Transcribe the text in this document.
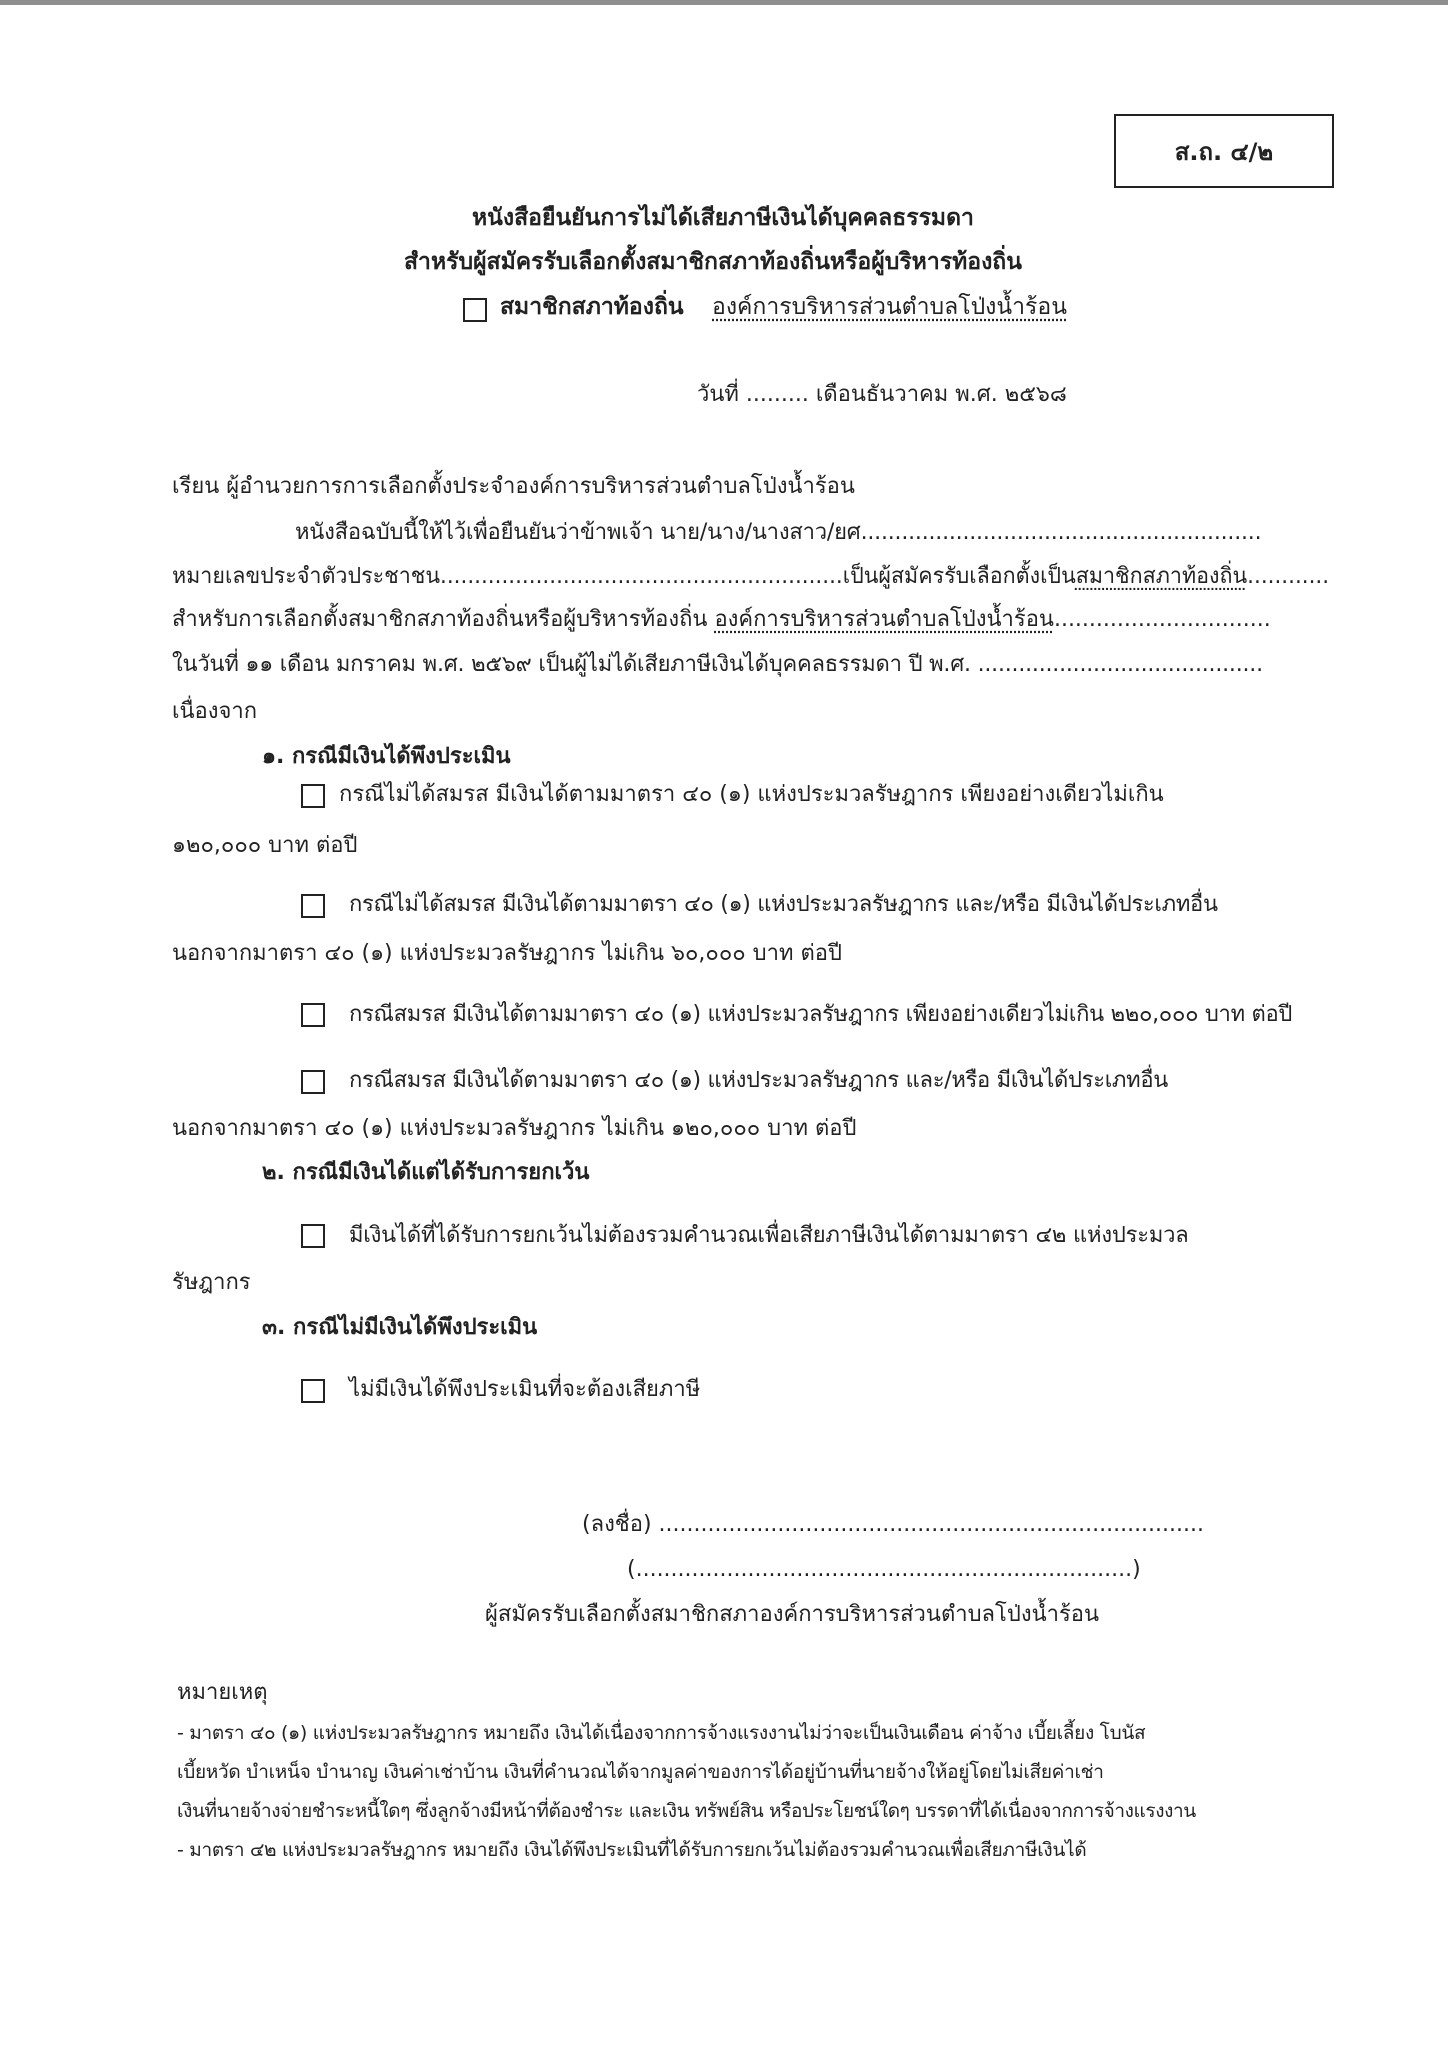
ส.ถ. ๔/๒
หนังสือยืนยันการไม่ได้เสียภาษีเงินได้บุคคลธรรมดา
สำหรับผู้สมัครรับเลือกตั้งสมาชิกสภาท้องถิ่นหรือผู้บริหารท้องถิ่น
สมาชิกสภาท้องถิ่น องค์การบริหารส่วนตำบลโป่งน้ำร้อน
วันที่ ......... เดือนธันวาคม พ.ศ. ๒๕๖๘
เรียน ผู้อำนวยการการเลือกตั้งประจำองค์การบริหารส่วนตำบลโป่งน้ำร้อน
หนังสือฉบับนี้ให้ไว้เพื่อยืนยันว่าข้าพเจ้า นาย/นาง/นางสาว/ยศ...........................................................
หมายเลขประจำตัวประชาชน...........................................................เป็นผู้สมัครรับเลือกตั้งเป็นสมาชิกสภาท้องถิ่น............
สำหรับการเลือกตั้งสมาชิกสภาท้องถิ่นหรือผู้บริหารท้องถิ่น องค์การบริหารส่วนตำบลโป่งน้ำร้อน...............................
ในวันที่ ๑๑ เดือน มกราคม พ.ศ. ๒๕๖๙ เป็นผู้ไม่ได้เสียภาษีเงินได้บุคคลธรรมดา ปี พ.ศ. ..........................................
เนื่องจาก
๑. กรณีมีเงินได้พึงประเมิน
กรณีไม่ได้สมรส มีเงินได้ตามมาตรา ๔๐ (๑) แห่งประมวลรัษฎากร เพียงอย่างเดียวไม่เกิน
๑๒๐,๐๐๐ บาท ต่อปี
กรณีไม่ได้สมรส มีเงินได้ตามมาตรา ๔๐ (๑) แห่งประมวลรัษฎากร และ/หรือ มีเงินได้ประเภทอื่น
นอกจากมาตรา ๔๐ (๑) แห่งประมวลรัษฎากร ไม่เกิน ๖๐,๐๐๐ บาท ต่อปี
กรณีสมรส มีเงินได้ตามมาตรา ๔๐ (๑) แห่งประมวลรัษฎากร เพียงอย่างเดียวไม่เกิน ๒๒๐,๐๐๐ บาท ต่อปี
กรณีสมรส มีเงินได้ตามมาตรา ๔๐ (๑) แห่งประมวลรัษฎากร และ/หรือ มีเงินได้ประเภทอื่น
นอกจากมาตรา ๔๐ (๑) แห่งประมวลรัษฎากร ไม่เกิน ๑๒๐,๐๐๐ บาท ต่อปี
๒. กรณีมีเงินได้แต่ได้รับการยกเว้น
มีเงินได้ที่ได้รับการยกเว้นไม่ต้องรวมคำนวณเพื่อเสียภาษีเงินได้ตามมาตรา ๔๒ แห่งประมวล
รัษฎากร
๓. กรณีไม่มีเงินได้พึงประเมิน
ไม่มีเงินได้พึงประเมินที่จะต้องเสียภาษี
(ลงชื่อ) ..............................................................................
(.......................................................................)
ผู้สมัครรับเลือกตั้งสมาชิกสภาองค์การบริหารส่วนตำบลโป่งน้ำร้อน
หมายเหตุ
- มาตรา ๔๐ (๑) แห่งประมวลรัษฎากร หมายถึง เงินได้เนื่องจากการจ้างแรงงานไม่ว่าจะเป็นเงินเดือน ค่าจ้าง เบี้ยเลี้ยง โบนัส
เบี้ยหวัด บำเหน็จ บำนาญ เงินค่าเช่าบ้าน เงินที่คำนวณได้จากมูลค่าของการได้อยู่บ้านที่นายจ้างให้อยู่โดยไม่เสียค่าเช่า
เงินที่นายจ้างจ่ายชำระหนี้ใดๆ ซึ่งลูกจ้างมีหน้าที่ต้องชำระ และเงิน ทรัพย์สิน หรือประโยชน์ใดๆ บรรดาที่ได้เนื่องจากการจ้างแรงงาน
- มาตรา ๔๒ แห่งประมวลรัษฎากร หมายถึง เงินได้พึงประเมินที่ได้รับการยกเว้นไม่ต้องรวมคำนวณเพื่อเสียภาษีเงินได้
